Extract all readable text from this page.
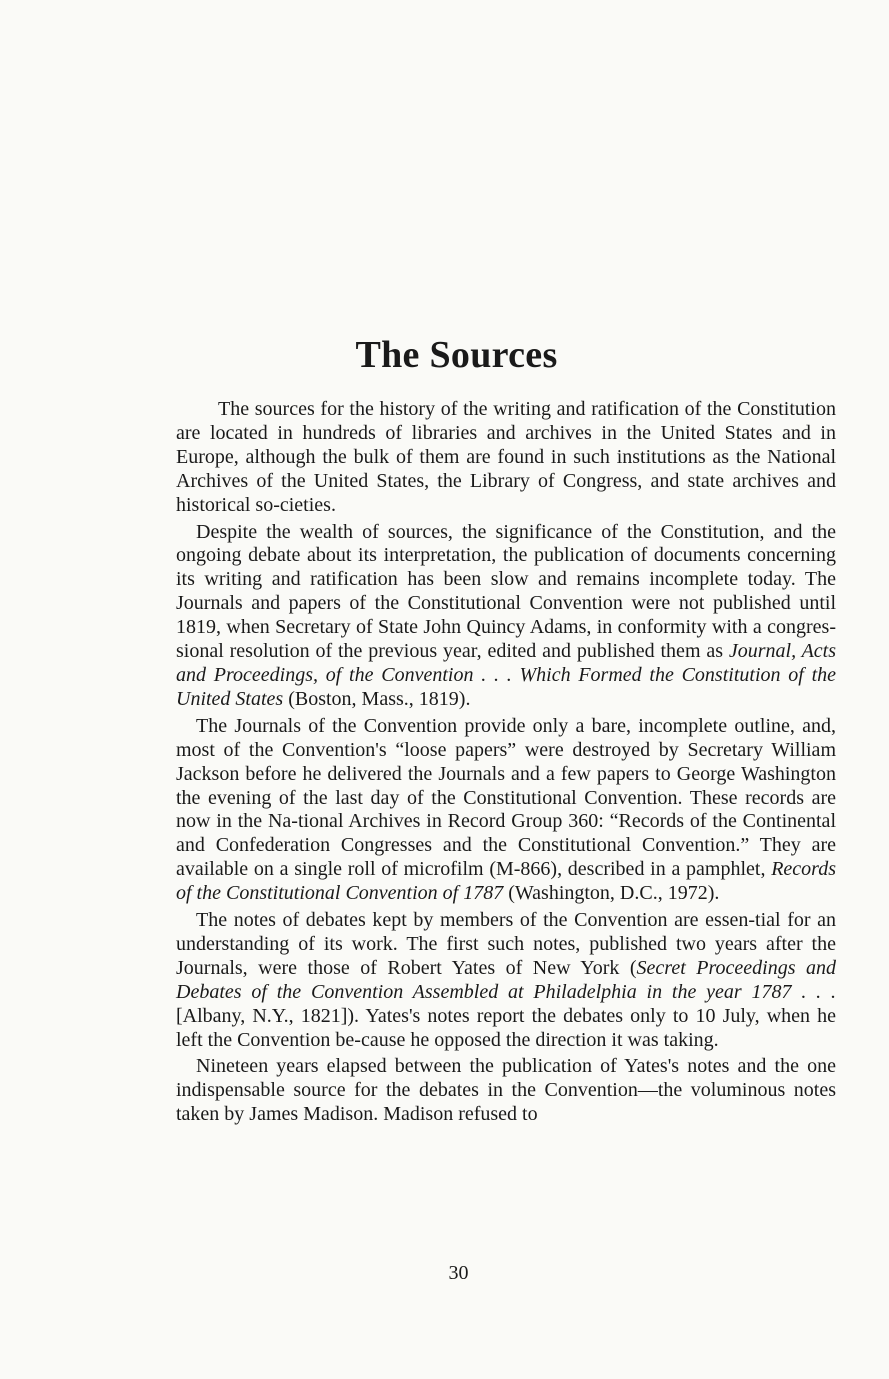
The Sources

The sources for the history of the writing and ratification of the Constitution are located in hundreds of libraries and archives in the United States and in Europe, although the bulk of them are found in such institutions as the National Archives of the United States, the Library of Congress, and state archives and historical so-cieties.

Despite the wealth of sources, the significance of the Constitution, and the ongoing debate about its interpretation, the publication of documents concerning its writing and ratification has been slow and remains incomplete today. The Journals and papers of the Constitutional Convention were not published until 1819, when Secretary of State John Quincy Adams, in conformity with a congres-sional resolution of the previous year, edited and published them as Journal, Acts and Proceedings, of the Convention . . . Which Formed the Constitution of the United States (Boston, Mass., 1819).

The Journals of the Convention provide only a bare, incomplete outline, and, most of the Convention's “loose papers” were destroyed by Secretary William Jackson before he delivered the Journals and a few papers to George Washington the evening of the last day of the Constitutional Convention. These records are now in the Na-tional Archives in Record Group 360: “Records of the Continental and Confederation Congresses and the Constitutional Convention.” They are available on a single roll of microfilm (M-866), described in a pamphlet, Records of the Constitutional Convention of 1787 (Washington, D.C., 1972).

The notes of debates kept by members of the Convention are essen-tial for an understanding of its work. The first such notes, published two years after the Journals, were those of Robert Yates of New York (Secret Proceedings and Debates of the Convention Assembled at Philadelphia in the year 1787 . . . [Albany, N.Y., 1821]). Yates's notes report the debates only to 10 July, when he left the Convention be-cause he opposed the direction it was taking.

Nineteen years elapsed between the publication of Yates's notes and the one indispensable source for the debates in the Convention—the voluminous notes taken by James Madison. Madison refused to

30
